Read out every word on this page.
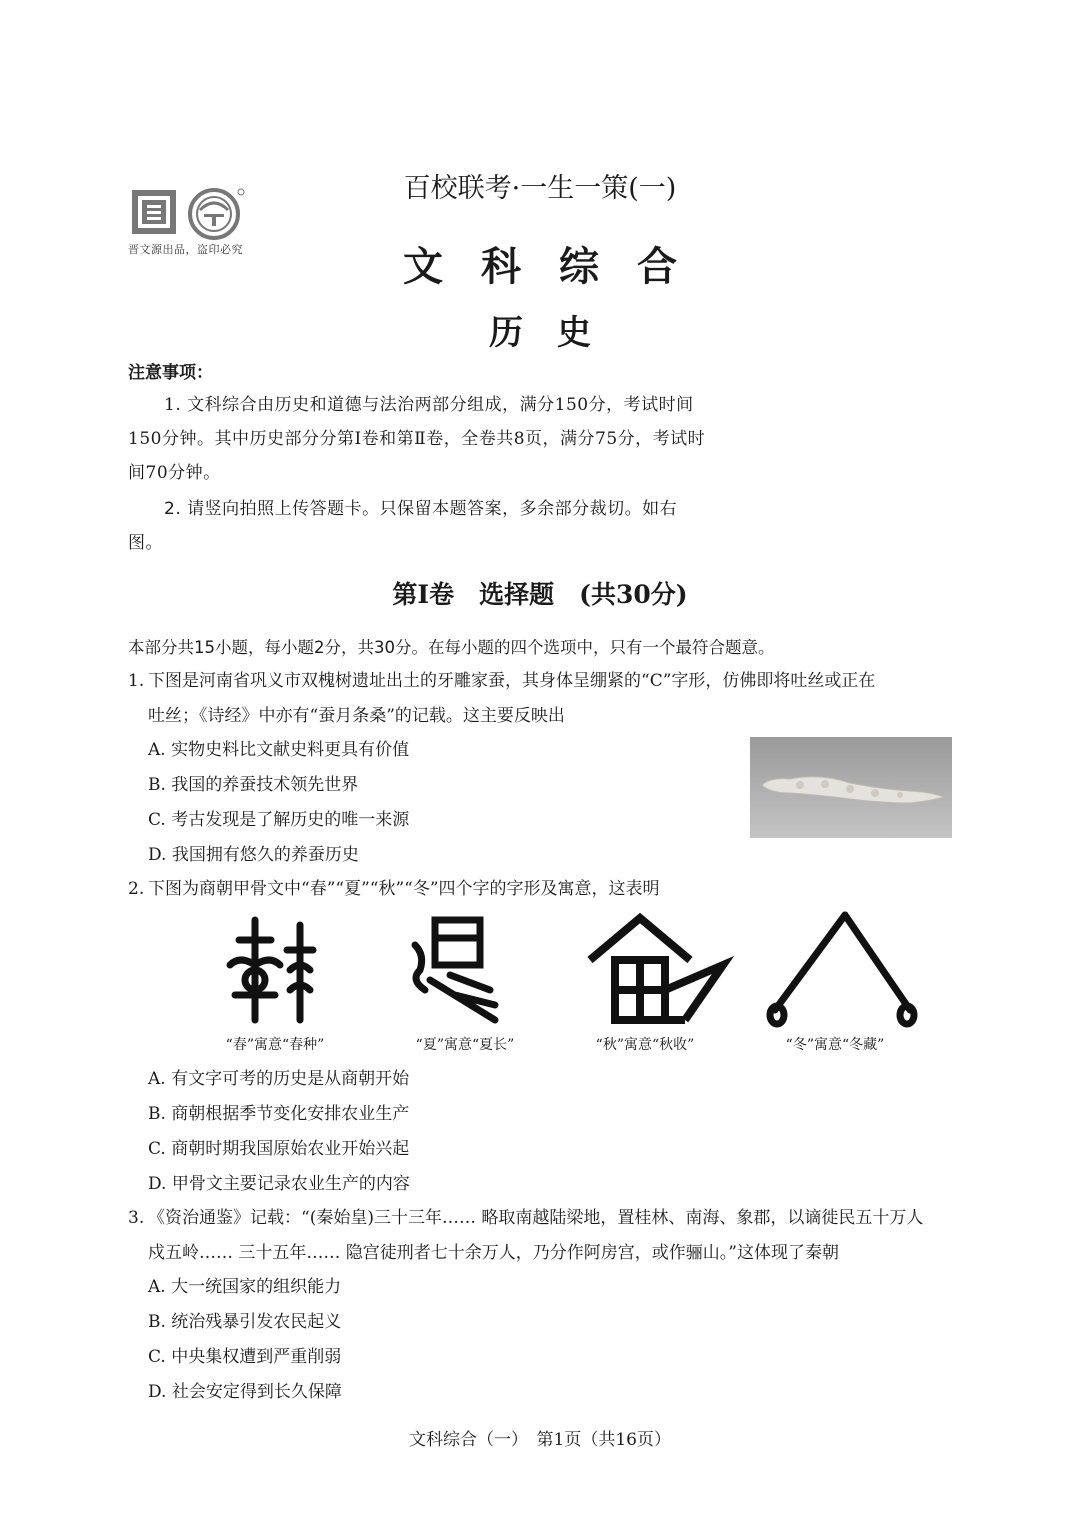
晋文源出品，盗印必究
百校联考·一生一策(一)
文科综合
历史
注意事项：
1. 文科综合由历史和道德与法治两部分组成，满分150分，考试时间150分钟。其中历史部分分第Ⅰ卷和第Ⅱ卷，全卷共8页，满分75分，考试时间70分钟。
2. 请竖向拍照上传答题卡。只保留本题答案，多余部分裁切。如右图。
第Ⅰ卷　选择题　(共30分)
本部分共15小题，每小题2分，共30分。在每小题的四个选项中，只有一个最符合题意。
1. 下图是河南省巩义市双槐树遗址出土的牙雕家蚕，其身体呈绷紧的“C”字形，仿佛即将吐丝或正在
吐丝；《诗经》中亦有“蚕月条桑”的记载。这主要反映出
A. 实物史料比文献史料更具有价值
B. 我国的养蚕技术领先世界
C. 考古发现是了解历史的唯一来源
D. 我国拥有悠久的养蚕历史
2. 下图为商朝甲骨文中“春”“夏”“秋”“冬”四个字的字形及寓意，这表明
“春”寓意“春种”	“夏”寓意“夏长”	“秋”寓意“秋收”	“冬”寓意“冬藏”
A. 有文字可考的历史是从商朝开始
B. 商朝根据季节变化安排农业生产
C. 商朝时期我国原始农业开始兴起
D. 甲骨文主要记录农业生产的内容
3. 《资治通鉴》记载：“(秦始皇)三十三年…… 略取南越陆梁地，置桂林、南海、象郡，以谪徙民五十万人
戍五岭…… 三十五年…… 隐宫徒刑者七十余万人，乃分作阿房宫，或作骊山。”这体现了秦朝
A. 大一统国家的组织能力
B. 统治残暴引发农民起义
C. 中央集权遭到严重削弱
D. 社会安定得到长久保障
文科综合（一）　第1页（共16页）
